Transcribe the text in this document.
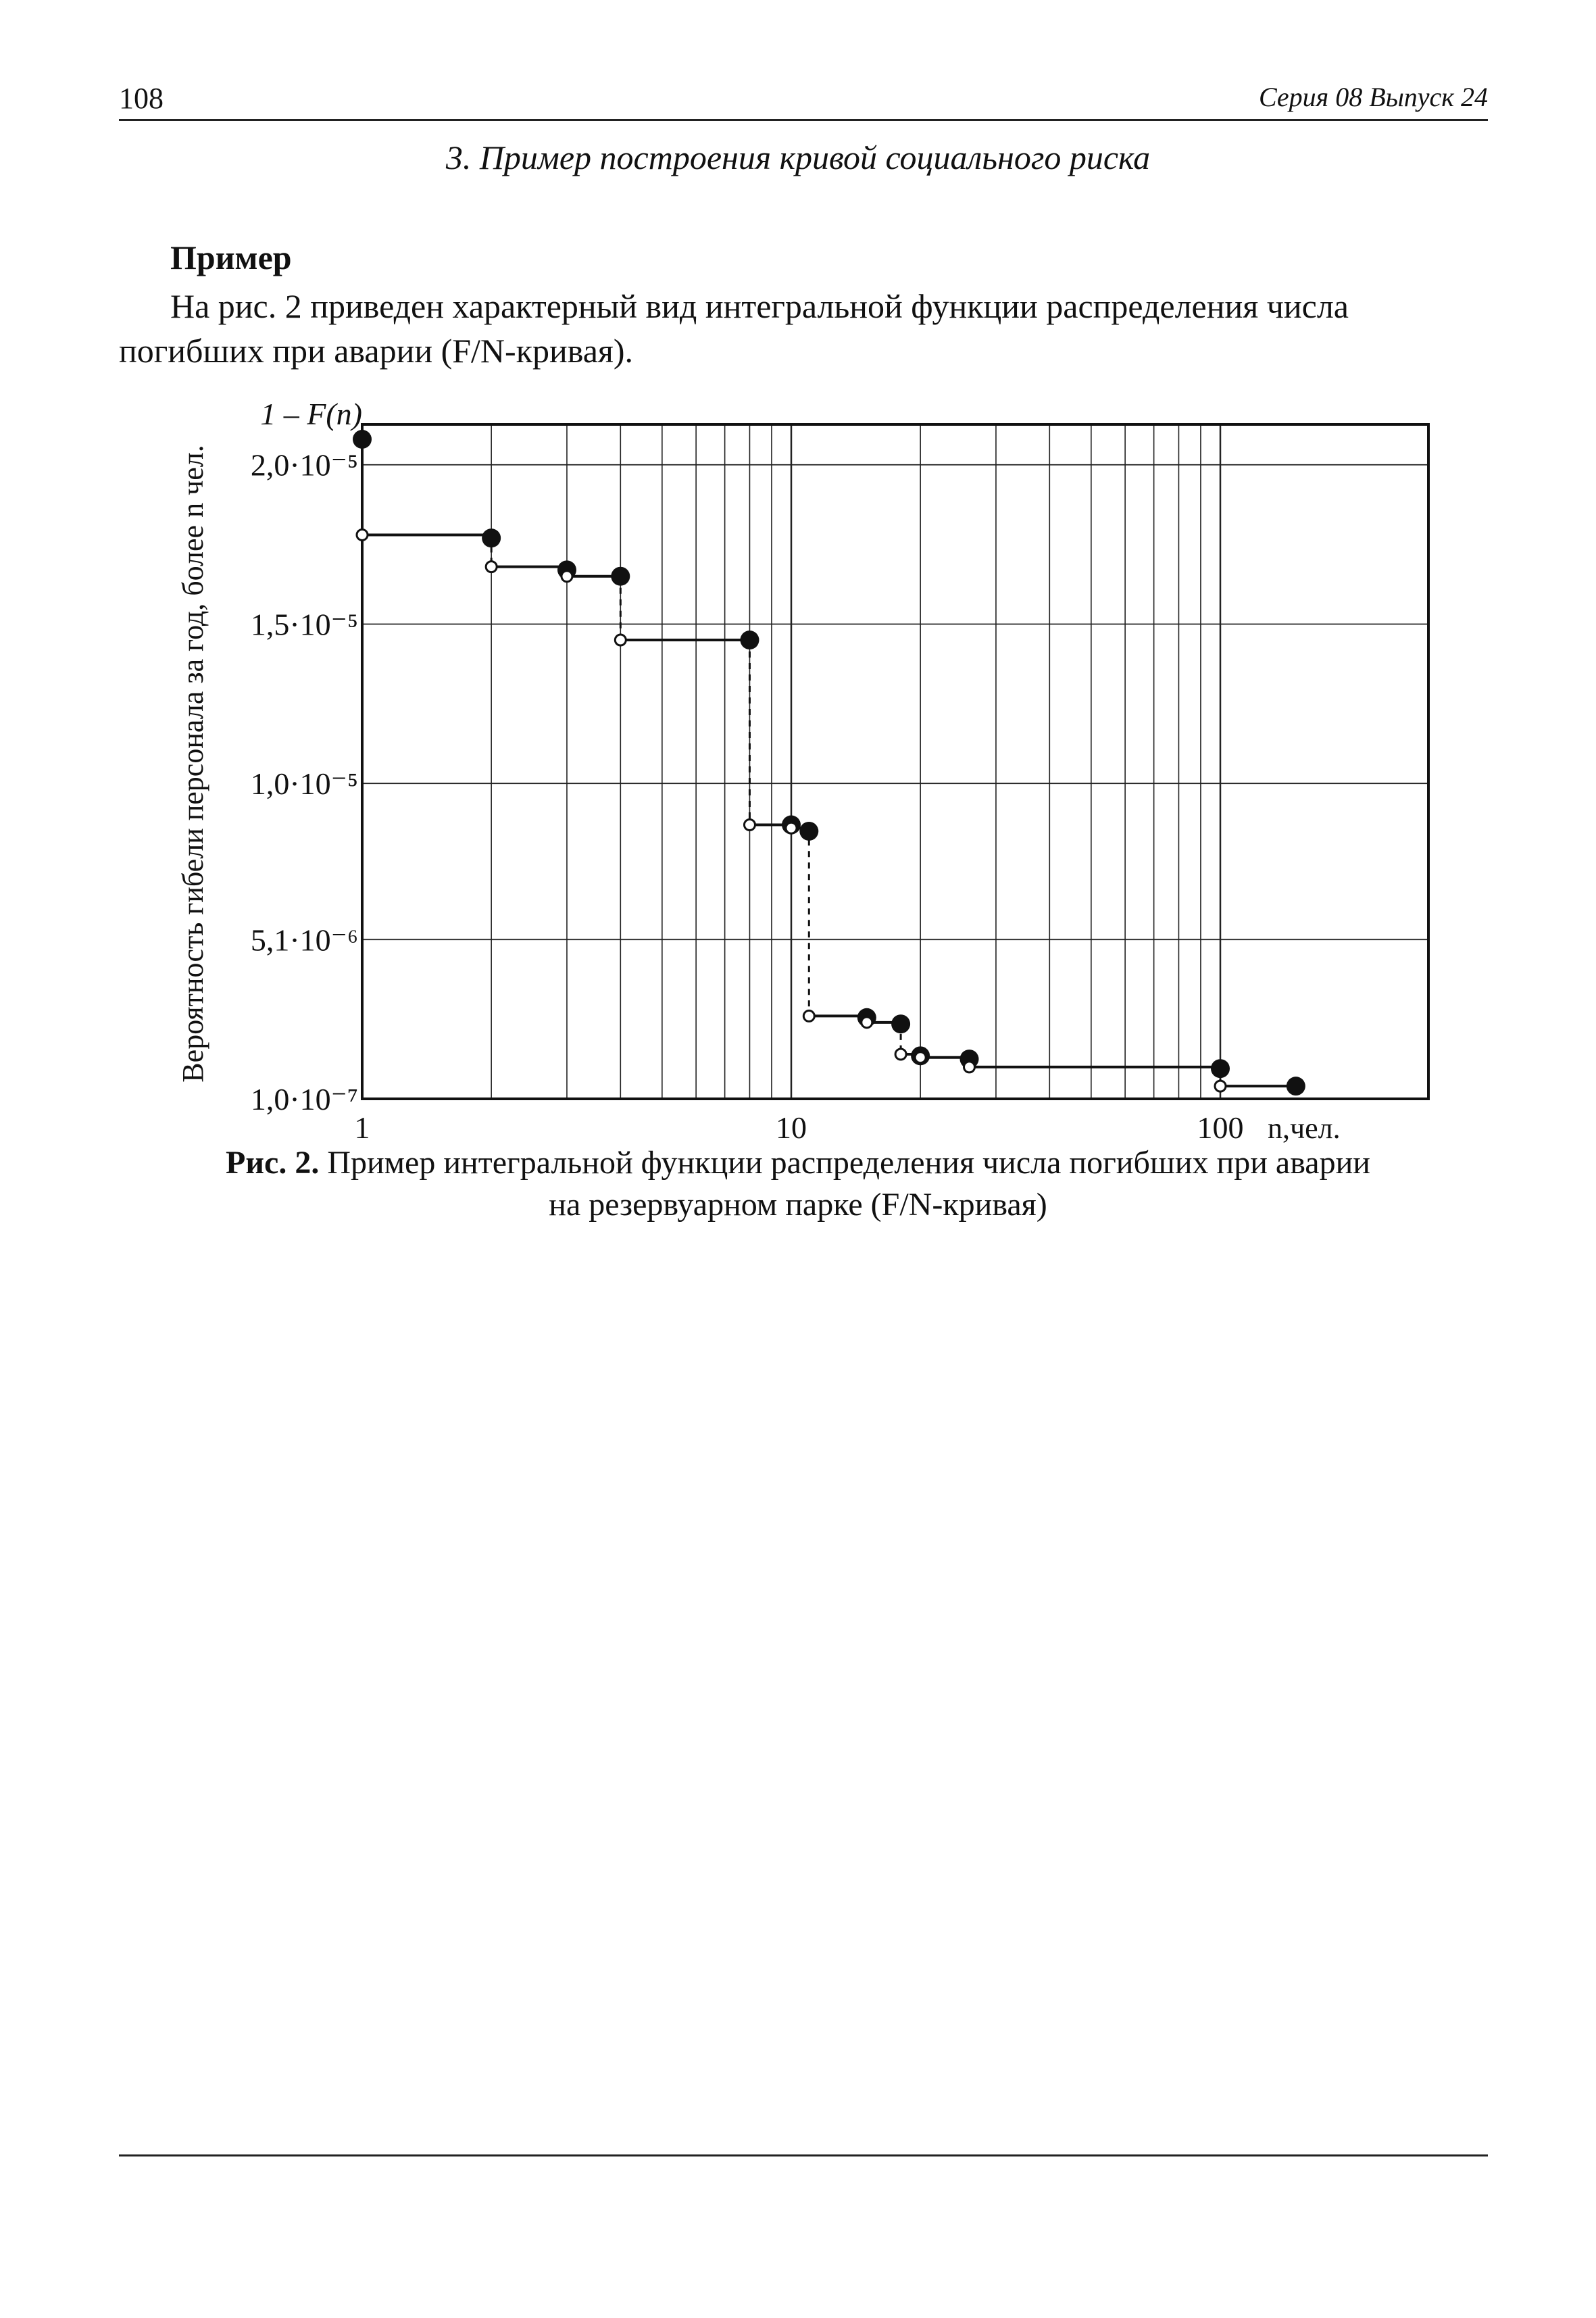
108	Серия 08 Выпуск 24
3. Пример построения кривой социального риска
Пример
На рис. 2 приведен характерный вид интегральной функции распределения числа
погибших при аварии (F/N-кривая).
1,0·10⁻⁷
5,1·10⁻⁶
1,0·10⁻⁵
1,5·10⁻⁵
2,0·10⁻⁵
1	10	100 n,чел.
1 – F(n)
Вероятность гибели персонала за год, более n чел.
Рис. 2. Пример интегральной функции распределения числа погибших при аварии
на резервуарном парке (F/N-кривая)
